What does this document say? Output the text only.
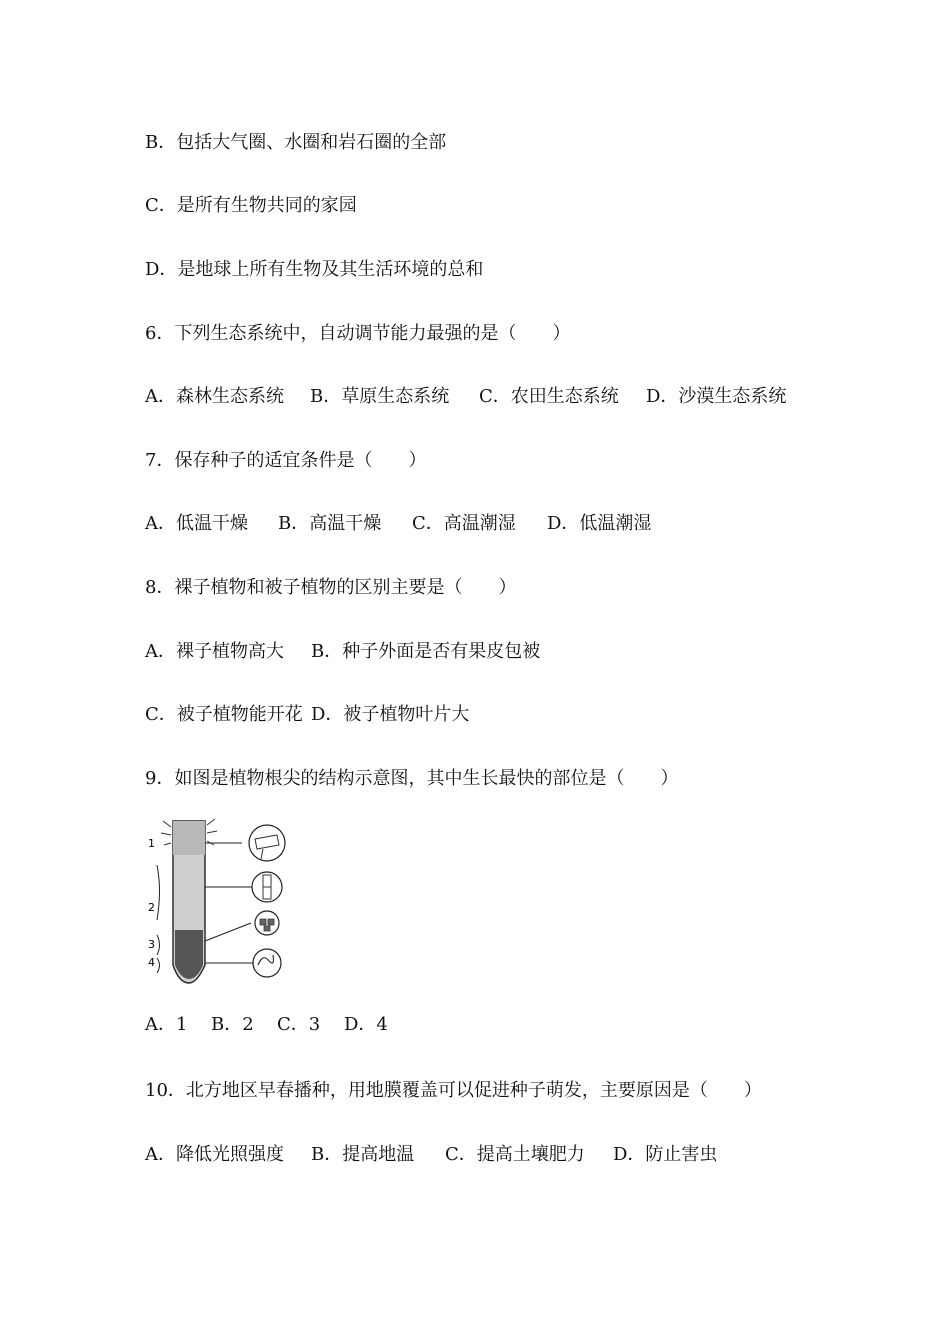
B．包括大气圈、水圈和岩石圈的全部
C．是所有生物共同的家园
D．是地球上所有生物及其生活环境的总和
6．下列生态系统中，自动调节能力最强的是（　　）
A．森林生态系统 B．草原生态系统 C．农田生态系统 D．沙漠生态系统
7．保存种子的适宜条件是（　　）
A．低温干燥 B．高温干燥 C．高温潮湿 D．低温潮湿
8．裸子植物和被子植物的区别主要是（　　）
A．裸子植物高大 B．种子外面是否有果皮包被
C．被子植物能开花 D．被子植物叶片大
9．如图是植物根尖的结构示意图，其中生长最快的部位是（　　）
1
2
3
4
A．1 B．2 C．3 D．4
10．北方地区早春播种，用地膜覆盖可以促进种子萌发，主要原因是（　　）
A．降低光照强度 B．提高地温 C．提高土壤肥力 D．防止害虫
